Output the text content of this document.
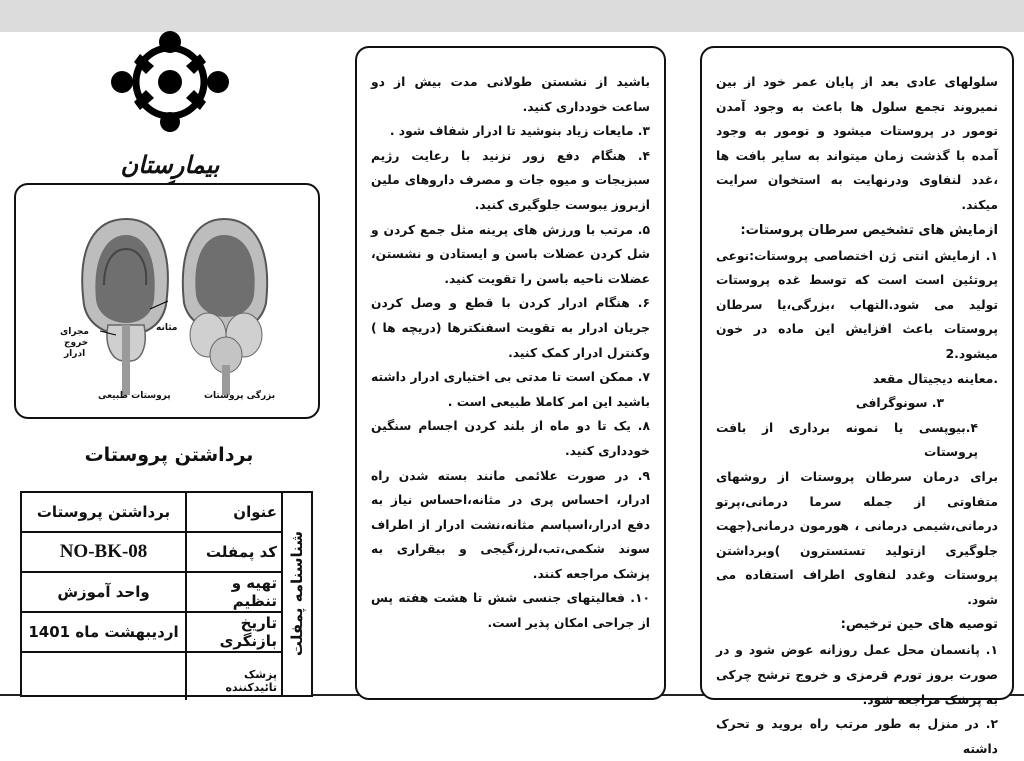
بیمارستان
بزرگی پروستات
پروستات طبیعی
مثانه
مجرای
خروج
ادرار
برداشتن پروستات
شناسنامه پمفلت
عنوان	برداشتن پروستات
کد پمفلت	NO-BK-08
تهیه و تنظیم	واحد آموزش
تاریخ بازنگری	اردیبهشت ماه 1401
پزشک تائیدکننده	

باشید از نشستن طولانی مدت بیش از دو ساعت خودداری کنید.

۳. مایعات زیاد بنوشید تا ادرار شفاف شود .

۴. هنگام دفع زور نزنید با رعایت رژیم سبزیجات و میوه جات و مصرف داروهای ملین ازبروز یبوست جلوگیری کنید.

۵. مرتب با ورزش های پرینه مثل جمع کردن و شل کردن عضلات باسن و ایستادن و نشستن، عضلات ناحیه باسن را تقویت کنید.

۶. هنگام ادرار کردن با قطع و وصل کردن جریان ادرار به تقویت اسفنکترها (دریچه ها ) وکنترل ادرار کمک کنید.

۷. ممکن است تا مدتی بی اختیاری ادرار داشته باشید این امر کاملا طبیعی است .

۸. یک تا دو ماه از بلند کردن اجسام سنگین خودداری کنید.

۹. در صورت علائمی مانند بسته شدن راه ادرار، احساس پری در مثانه،احساس نیاز به دفع ادرار،اسپاسم مثانه،نشت ادرار از اطراف سوند شکمی،تب،لرز،گیجی و بیقراری به پزشک مراجعه کنند.

۱۰. فعالیتهای جنسی شش تا هشت هفته پس از جراحی امکان پذیر است.

سلولهای عادی بعد از پایان عمر خود از بین نمیروند تجمع سلول ها باعث به وجود آمدن تومور در پروستات میشود و تومور به وجود آمده با گذشت زمان میتواند به سایر بافت ها ،غدد لنفاوی ودرنهایت به استخوان سرایت میکند.

ازمایش های تشخیص سرطان پروستات:

۱. ازمایش انتی ژن اختصاصی پروستات:نوعی پروتئین است است که توسط غده پروستات تولید می شود.التهاب ،بزرگی،یا سرطان پروستات باعث افزایش این ماده در خون میشود.2

.معاینه دیجیتال مقعد

۳. سونوگرافی

۴.بیوپسی یا نمونه برداری از بافت پروستات

برای درمان سرطان پروستات از روشهای متفاوتی از جمله سرما درمانی،پرتو درمانی،شیمی درمانی ، هورمون درمانی(جهت جلوگیری ازتولید تستسترون )وبرداشتن پروستات وغدد لنفاوی اطراف استفاده می شود.

توصیه های حین ترخیص:

۱. پانسمان محل عمل روزانه عوض شود و در صورت بروز تورم قرمزی و خروج ترشح چرکی به پزشک مراجعه شود.

۲. در منزل به طور مرتب راه بروید و تحرک داشته
